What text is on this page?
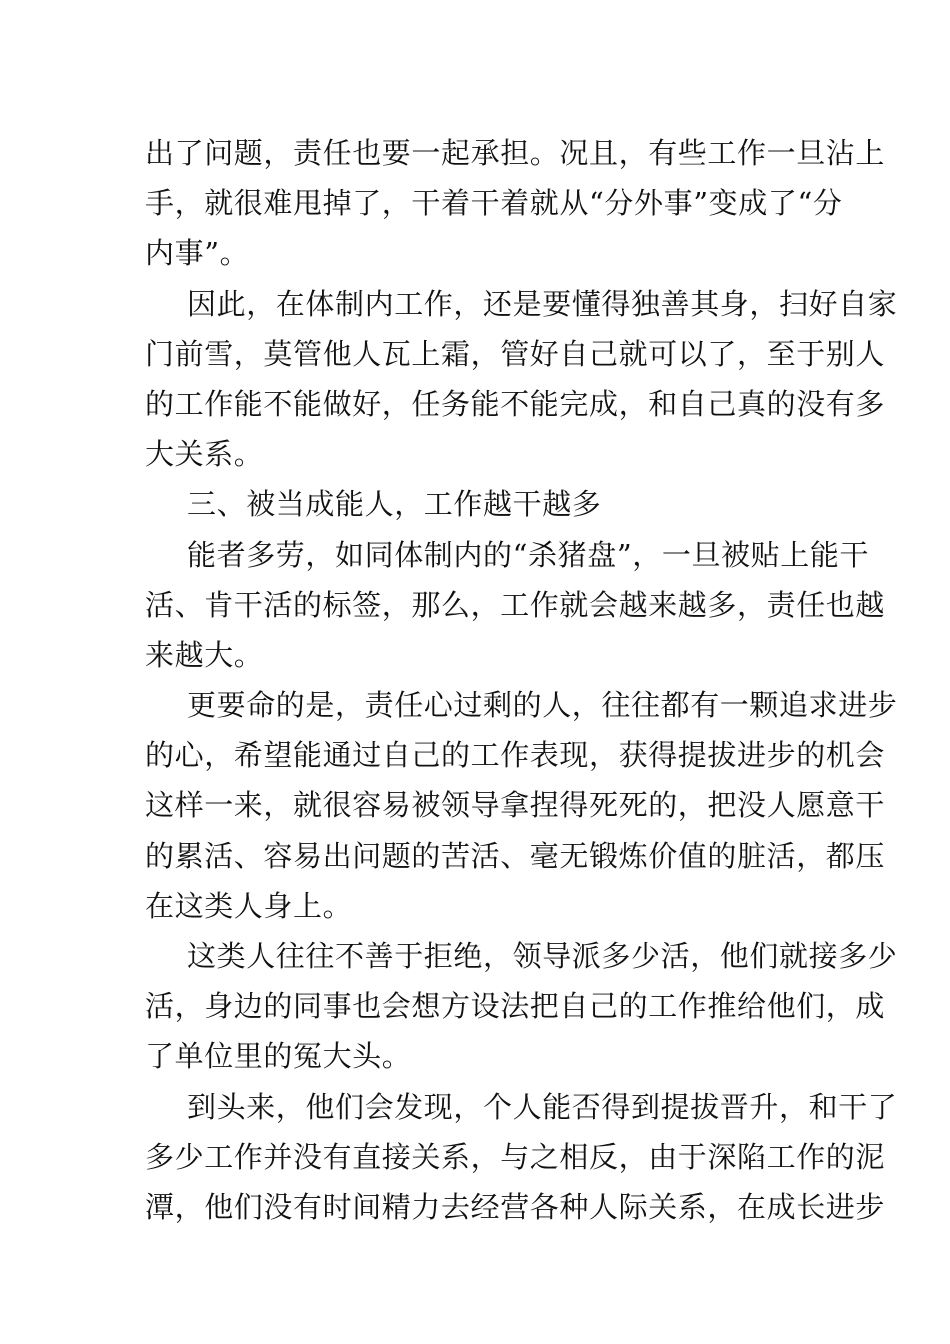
出了问题，责任也要一起承担。况且，有些工作一旦沾上
手，就很难甩掉了，干着干着就从“分外事”变成了“分
内事”。
因此，在体制内工作，还是要懂得独善其身，扫好自家
门前雪，莫管他人瓦上霜，管好自己就可以了，至于别人
的工作能不能做好，任务能不能完成，和自己真的没有多
大关系。
三、被当成能人，工作越干越多
能者多劳，如同体制内的“杀猪盘”，一旦被贴上能干
活、肯干活的标签，那么，工作就会越来越多，责任也越
来越大。
更要命的是，责任心过剩的人，往往都有一颗追求进步
的心，希望能通过自己的工作表现，获得提拔进步的机会
这样一来，就很容易被领导拿捏得死死的，把没人愿意干
的累活、容易出问题的苦活、毫无锻炼价值的脏活，都压
在这类人身上。
这类人往往不善于拒绝，领导派多少活，他们就接多少
活，身边的同事也会想方设法把自己的工作推给他们，成
了单位里的冤大头。
到头来，他们会发现，个人能否得到提拔晋升，和干了
多少工作并没有直接关系，与之相反，由于深陷工作的泥
潭，他们没有时间精力去经营各种人际关系，在成长进步
